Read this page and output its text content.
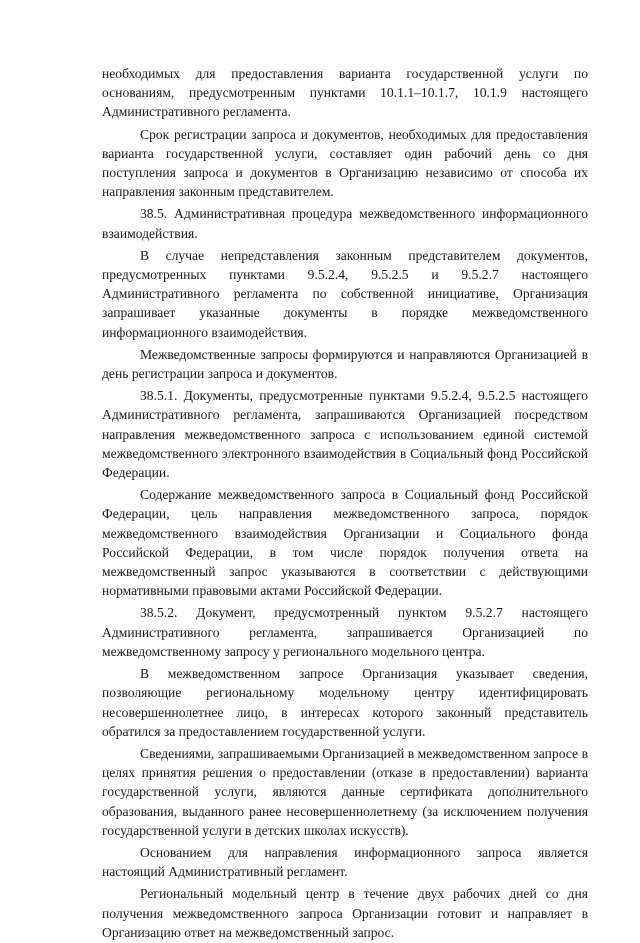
необходимых для предоставления варианта государственной услуги по основаниям, предусмотренным пунктами 10.1.1–10.1.7, 10.1.9 настоящего Административного регламента.

Срок регистрации запроса и документов, необходимых для предоставления варианта государственной услуги, составляет один рабочий день со дня поступления запроса и документов в Организацию независимо от способа их направления законным представителем.

38.5. Административная процедура межведомственного информационного взаимодействия.

В случае непредставления законным представителем документов, предусмотренных пунктами 9.5.2.4, 9.5.2.5 и 9.5.2.7 настоящего Административного регламента по собственной инициативе, Организация запрашивает указанные документы в порядке межведомственного информационного взаимодействия.

Межведомственные запросы формируются и направляются Организацией в день регистрации запроса и документов.

38.5.1. Документы, предусмотренные пунктами 9.5.2.4, 9.5.2.5 настоящего Административного регламента, запрашиваются Организацией посредством направления межведомственного запроса с использованием единой системой межведомственного электронного взаимодействия в Социальный фонд Российской Федерации.

Содержание межведомственного запроса в Социальный фонд Российской Федерации, цель направления межведомственного запроса, порядок межведомственного взаимодействия Организации и Социального фонда Российской Федерации, в том числе порядок получения ответа на межведомственный запрос указываются в соответствии с действующими нормативными правовыми актами Российской Федерации.

38.5.2. Документ, предусмотренный пунктом 9.5.2.7 настоящего Административного регламента, запрашивается Организацией по межведомственному запросу у регионального модельного центра.

В межведомственном запросе Организация указывает сведения, позволяющие региональному модельному центру идентифицировать несовершеннолетнее лицо, в интересах которого законный представитель обратился за предоставлением государственной услуги.

Сведениями, запрашиваемыми Организацией в межведомственном запросе в целях принятия решения о предоставлении (отказе в предоставлении) варианта государственной услуги, являются данные сертификата дополнительного образования, выданного ранее несовершеннолетнему (за исключением получения государственной услуги в детских школах искусств).

Основанием для направления информационного запроса является настоящий Административный регламент.

Региональный модельный центр в течение двух рабочих дней со дня получения межведомственного запроса Организации готовит и направляет в Организацию ответ на межведомственный запрос.
